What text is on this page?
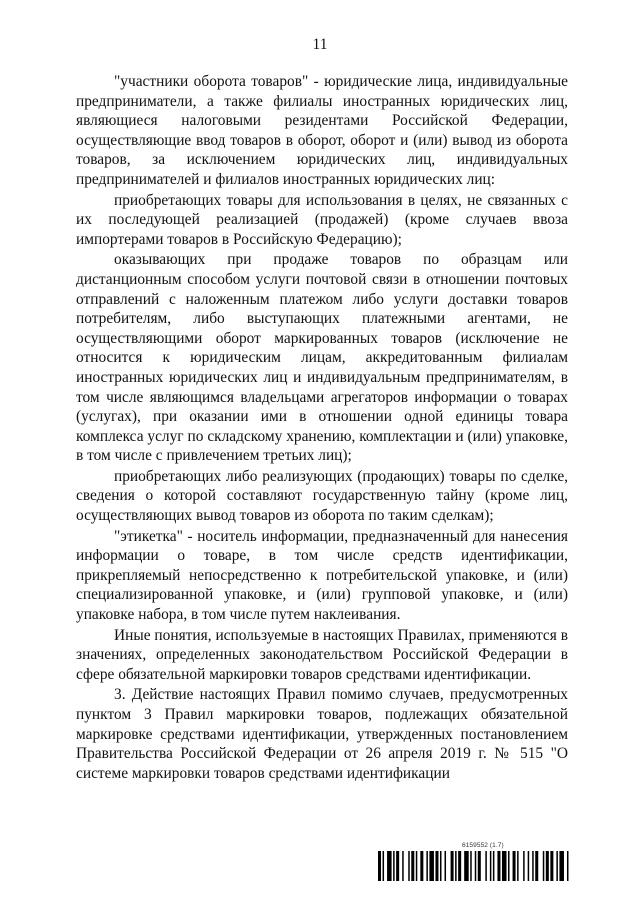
11

"участники оборота товаров" - юридические лица, индивидуальные предприниматели, а также филиалы иностранных юридических лиц, являющиеся налоговыми резидентами Российской Федерации, осуществляющие ввод товаров в оборот, оборот и (или) вывод из оборота товаров, за исключением юридических лиц, индивидуальных предпринимателей и филиалов иностранных юридических лиц:

приобретающих товары для использования в целях, не связанных с их последующей реализацией (продажей) (кроме случаев ввоза импортерами товаров в Российскую Федерацию);

оказывающих при продаже товаров по образцам или дистанционным способом услуги почтовой связи в отношении почтовых отправлений с наложенным платежом либо услуги доставки товаров потребителям, либо выступающих платежными агентами, не осуществляющими оборот маркированных товаров (исключение не относится к юридическим лицам, аккредитованным филиалам иностранных юридических лиц и индивидуальным предпринимателям, в том числе являющимся владельцами агрегаторов информации о товарах (услугах), при оказании ими в отношении одной единицы товара комплекса услуг по складскому хранению, комплектации и (или) упаковке, в том числе с привлечением третьих лиц);

приобретающих либо реализующих (продающих) товары по сделке, сведения о которой составляют государственную тайну (кроме лиц, осуществляющих вывод товаров из оборота по таким сделкам);

"этикетка" - носитель информации, предназначенный для нанесения информации о товаре, в том числе средств идентификации, прикрепляемый непосредственно к потребительской упаковке, и (или) специализированной упаковке, и (или) групповой упаковке, и (или) упаковке набора, в том числе путем наклеивания.

Иные понятия, используемые в настоящих Правилах, применяются в значениях, определенных законодательством Российской Федерации в сфере обязательной маркировки товаров средствами идентификации.

3. Действие настоящих Правил помимо случаев, предусмотренных пунктом 3 Правил маркировки товаров, подлежащих обязательной маркировке средствами идентификации, утвержденных постановлением Правительства Российской Федерации от 26 апреля 2019 г. № 515 "О системе маркировки товаров средствами идентификации

6159552 (1.7)
